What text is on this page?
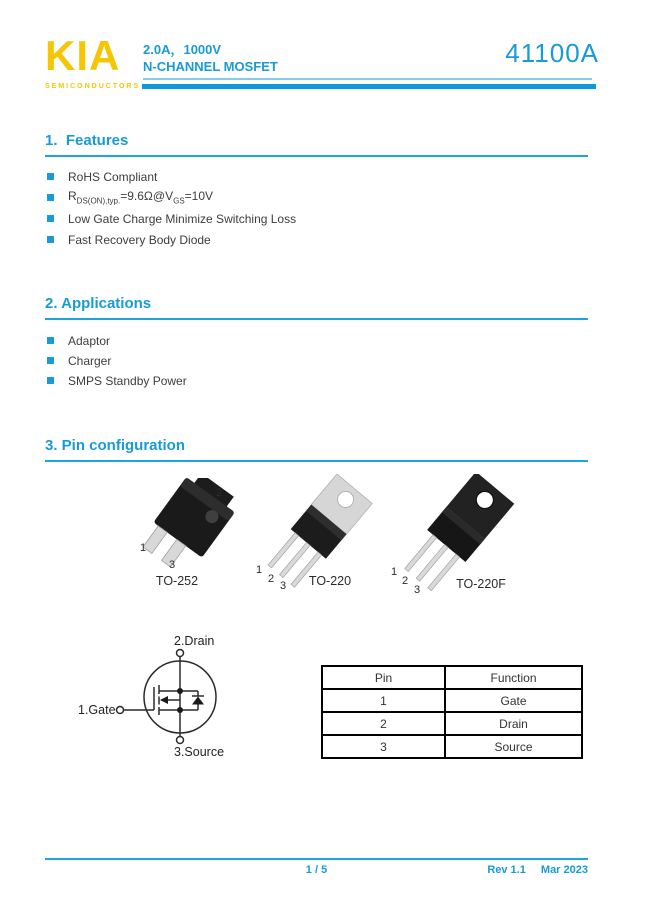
KIA
SEMICONDUCTORS
2.0A，1000V
N-CHANNEL MOSFET	41100A
1.  Features
RoHS Compliant
$R_{DS(ON),typ.}=9.6\Omega@V_{GS}=10V$
Low Gate Charge Minimize Switching Loss
Fast Recovery Body Diode
2. Applications
Adaptor
Charger
SMPS Standby Power
3. Pin configuration
2
1
3
TO-252
1
2
3 TO-220
1
2
3	TO-220F
2.Drain
1.Gate
3.Source
Pin	Function
1	Gate
2	Drain
3	Source
1 / 5	Rev 1.1 Mar 2023
